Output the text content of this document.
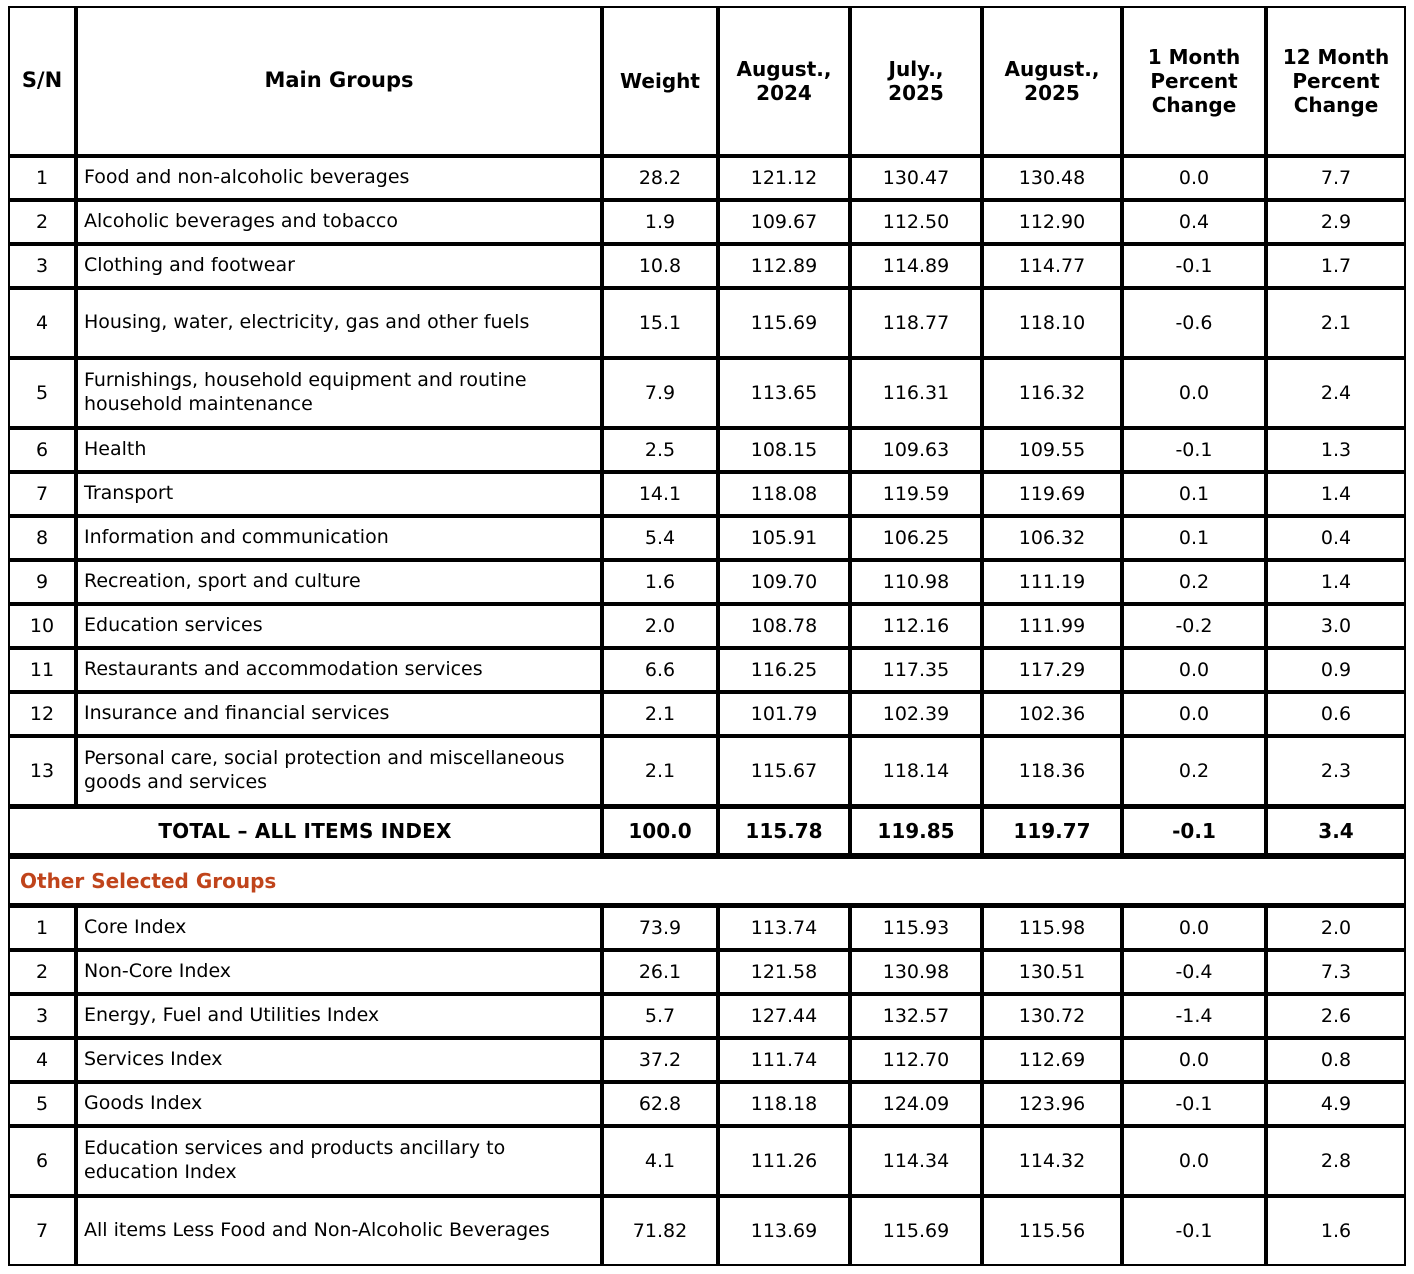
S/N	Main Groups	Weight	August., 2024	July., 2025	August., 2025	1 Month Percent Change	12 Month Percent Change
1	Food and non-alcoholic beverages	28.2	121.12	130.47	130.48	0.0	7.7
2	Alcoholic beverages and tobacco	1.9	109.67	112.50	112.90	0.4	2.9
3	Clothing and footwear	10.8	112.89	114.89	114.77	-0.1	1.7
4	Housing, water, electricity, gas and other fuels	15.1	115.69	118.77	118.10	-0.6	2.1
5	Furnishings, household equipment and routine household maintenance	7.9	113.65	116.31	116.32	0.0	2.4
6	Health	2.5	108.15	109.63	109.55	-0.1	1.3
7	Transport	14.1	118.08	119.59	119.69	0.1	1.4
8	Information and communication	5.4	105.91	106.25	106.32	0.1	0.4
9	Recreation, sport and culture	1.6	109.70	110.98	111.19	0.2	1.4
10	Education services	2.0	108.78	112.16	111.99	-0.2	3.0
11	Restaurants and accommodation services	6.6	116.25	117.35	117.29	0.0	0.9
12	Insurance and financial services	2.1	101.79	102.39	102.36	0.0	0.6
13	Personal care, social protection and miscellaneous goods and services	2.1	115.67	118.14	118.36	0.2	2.3
TOTAL – ALL ITEMS INDEX		100.0	115.78	119.85	119.77	-0.1	3.4
Other Selected Groups							
1	Core Index	73.9	113.74	115.93	115.98	0.0	2.0
2	Non-Core Index	26.1	121.58	130.98	130.51	-0.4	7.3
3	Energy, Fuel and Utilities Index	5.7	127.44	132.57	130.72	-1.4	2.6
4	Services Index	37.2	111.74	112.70	112.69	0.0	0.8
5	Goods Index	62.8	118.18	124.09	123.96	-0.1	4.9
6	Education services and products ancillary to education Index	4.1	111.26	114.34	114.32	0.0	2.8
7	All items Less Food and Non-Alcoholic Beverages	71.82	113.69	115.69	115.56	-0.1	1.6
